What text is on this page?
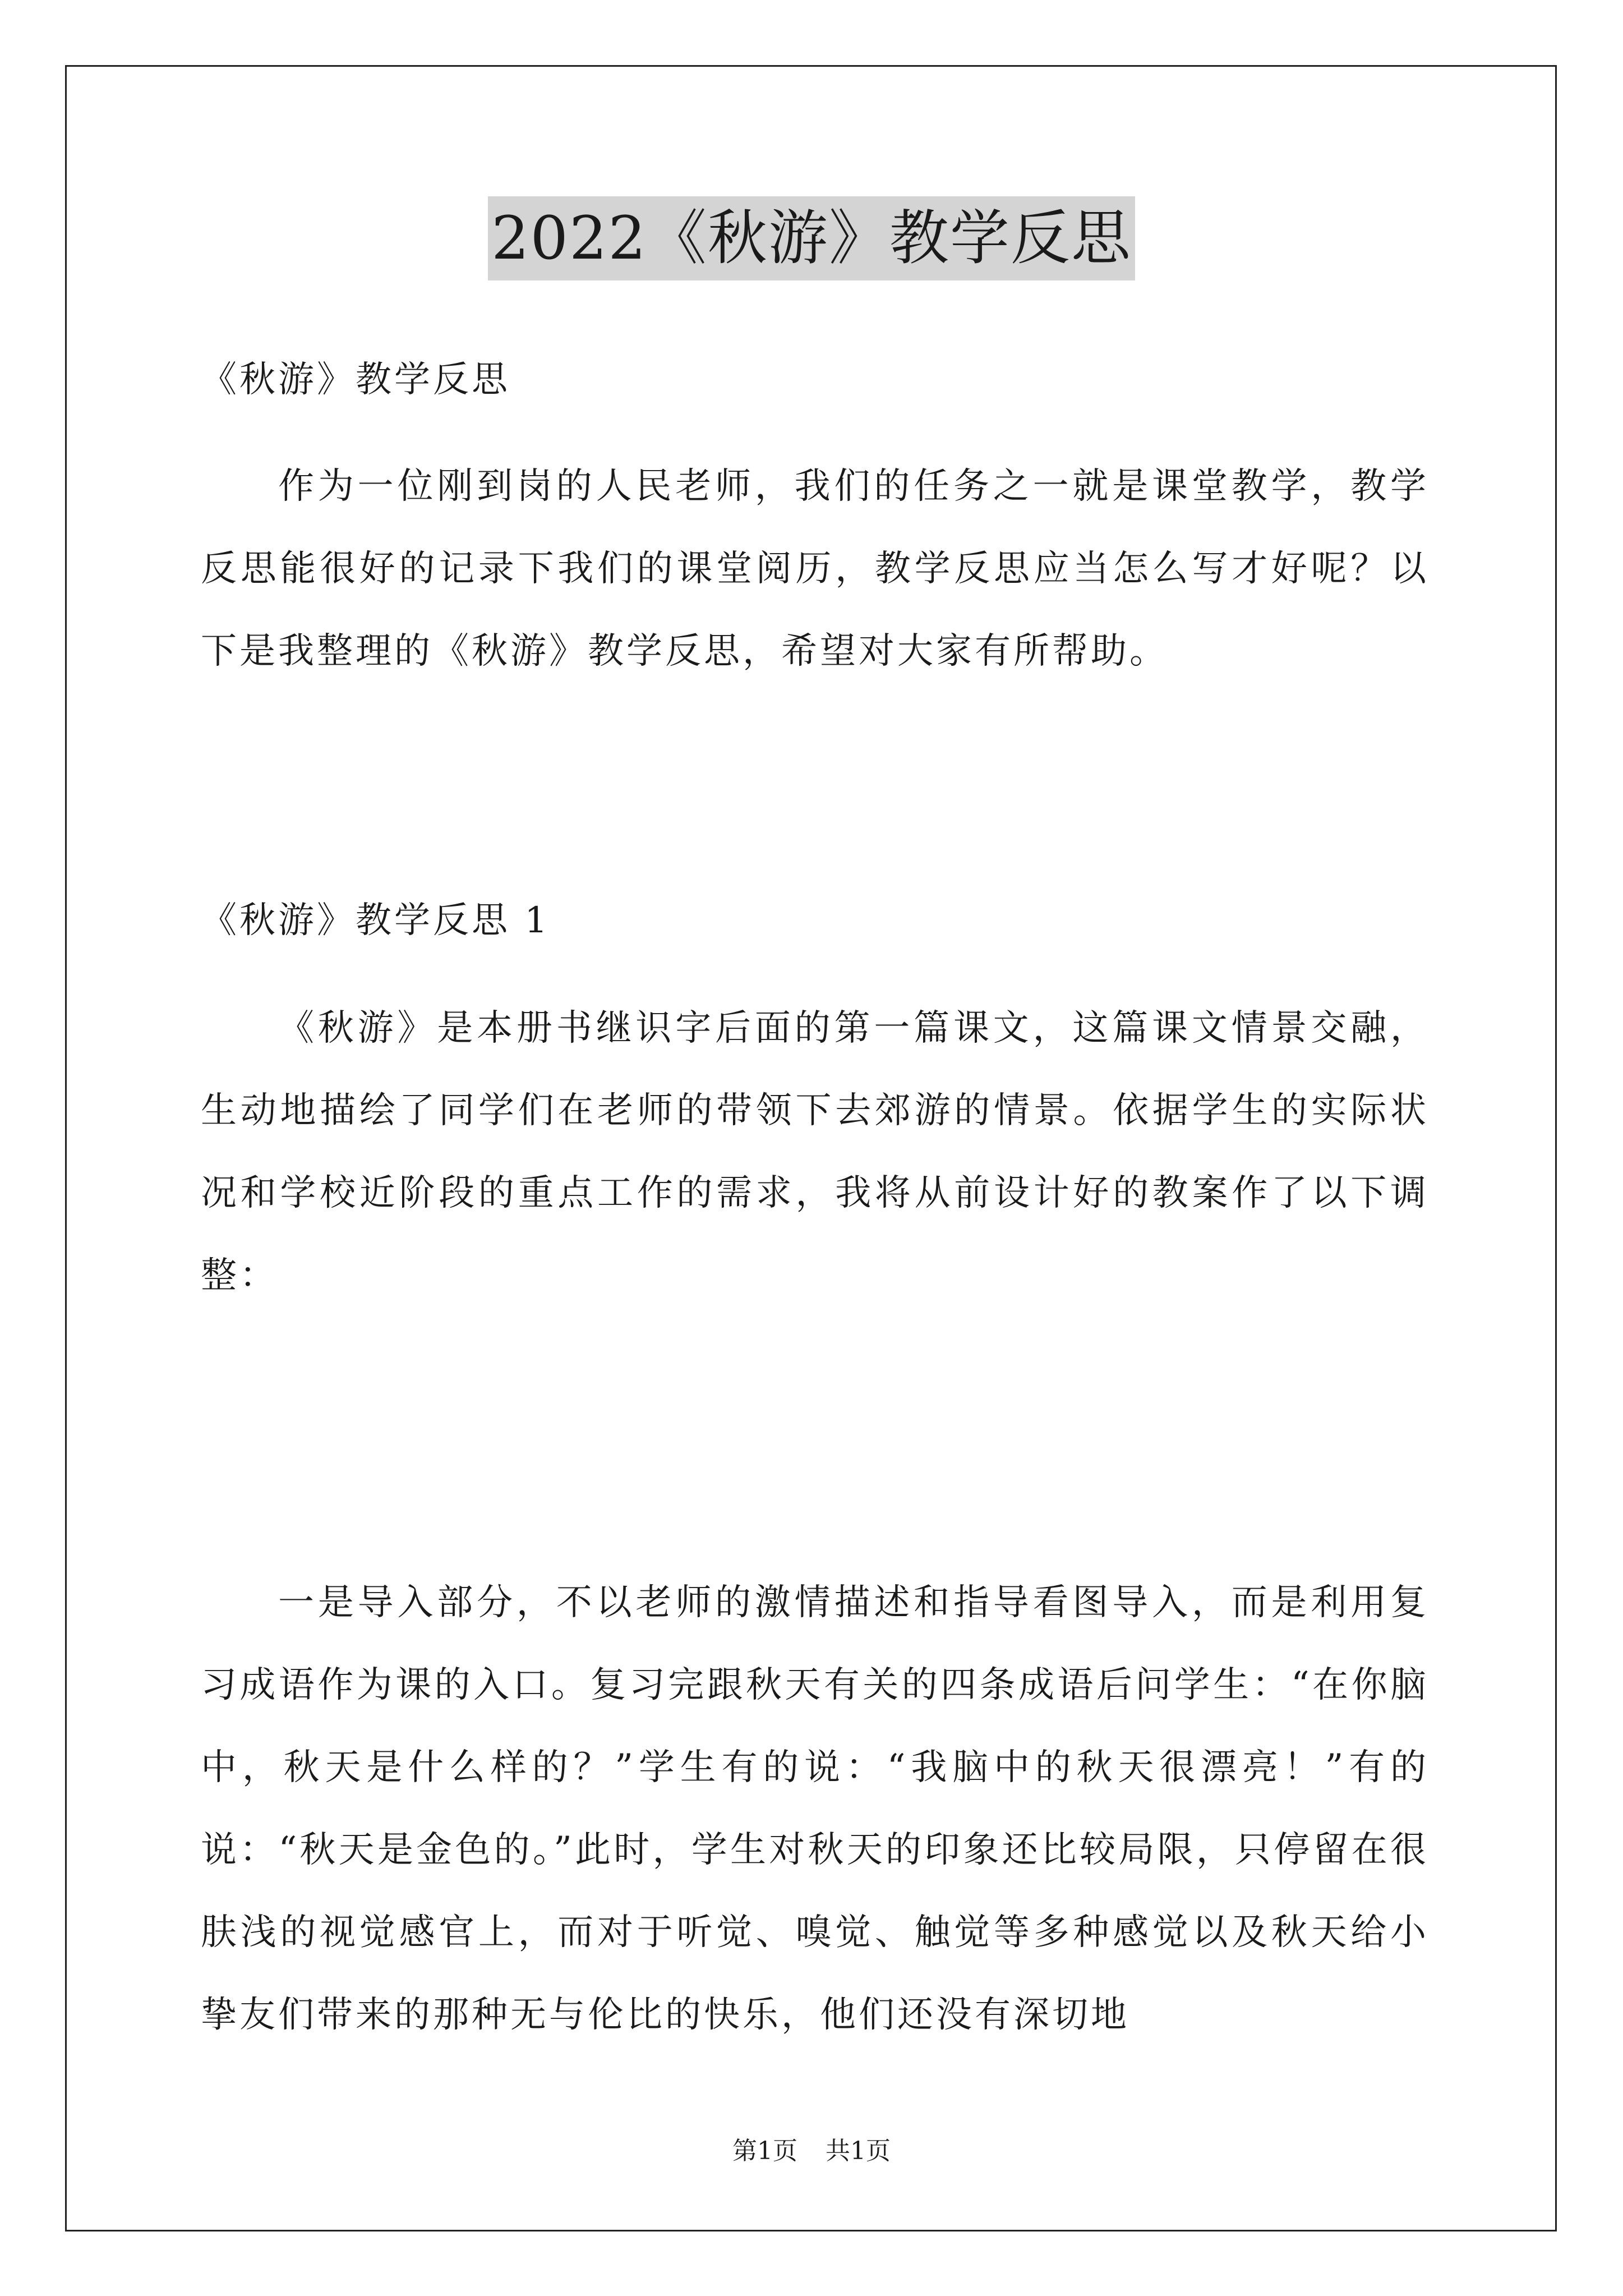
2022《秋游》教学反思

《秋游》教学反思

作为一位刚到岗的人民老师，我们的任务之一就是课堂教学，教学反思能很好的记录下我们的课堂阅历，教学反思应当怎么写才好呢？以下是我整理的《秋游》教学反思，希望对大家有所帮助。

《秋游》教学反思 1

《秋游》是本册书继识字后面的第一篇课文，这篇课文情景交融，生动地描绘了同学们在老师的带领下去郊游的情景。依据学生的实际状况和学校近阶段的重点工作的需求，我将从前设计好的教案作了以下调整：

一是导入部分，不以老师的激情描述和指导看图导入，而是利用复习成语作为课的入口。复习完跟秋天有关的四条成语后问学生：“在你脑中，秋天是什么样的？”学生有的说：“我脑中的秋天很漂亮！”有的说：“秋天是金色的。”此时，学生对秋天的印象还比较局限，只停留在很肤浅的视觉感官上，而对于听觉、嗅觉、触觉等多种感觉以及秋天给小挚友们带来的那种无与伦比的快乐，他们还没有深切地

第1页 共1页
